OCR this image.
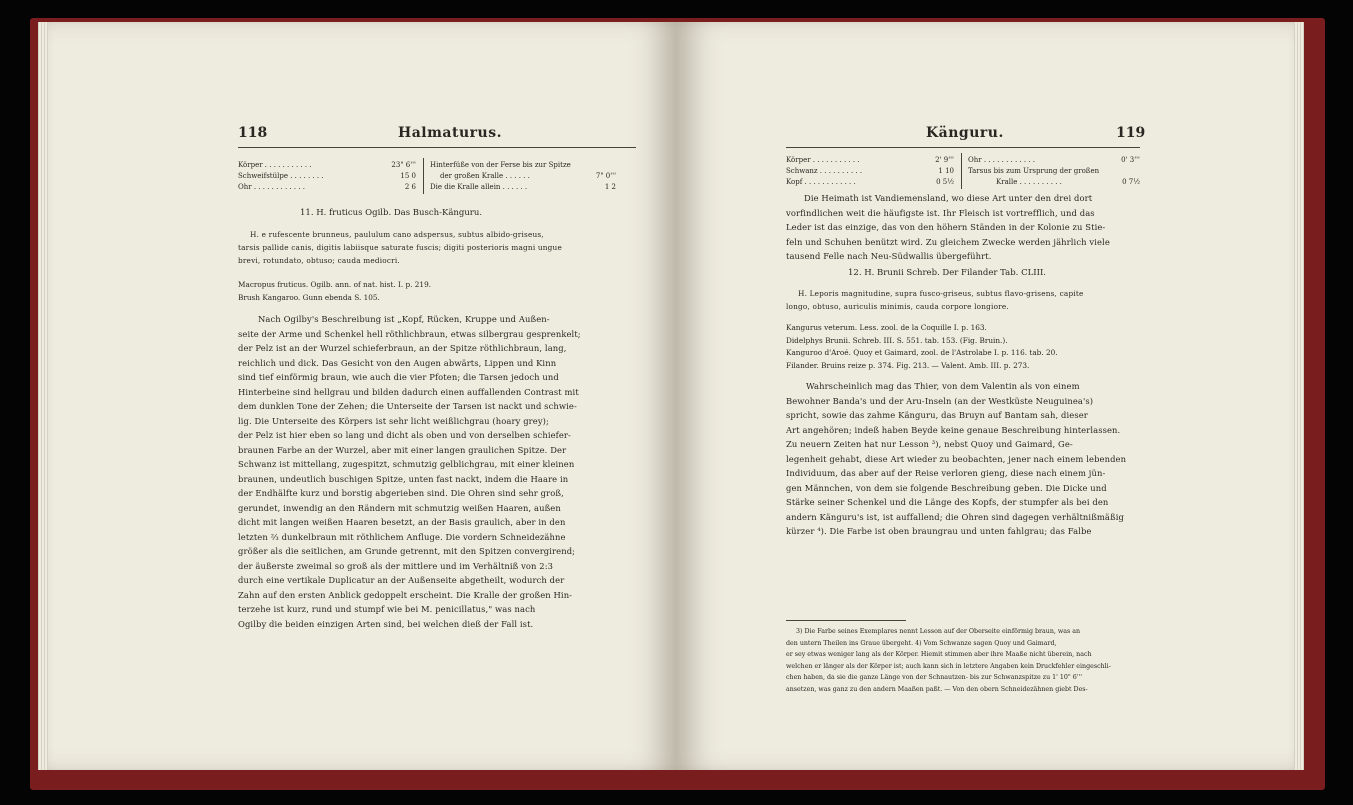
118	Halmaturus.
Körper . . . . . . . . . . .	23" 6'''
Schweifstülpe . . . . . . . .	15 0
Ohr . . . . . . . . . . . .	2 6
Hinterfüße von der Ferse bis zur Spitze
der großen Kralle . . . . . .	7" 0'''
Die die Kralle allein . . . . . .	1 2
11. H. fruticus Ogilb. Das Busch-Känguru.
H. e rufescente brunneus, paululum cano adspersus, subtus albido-griseus,
tarsis pallide canis, digitis labiisque saturate fuscis; digiti posterioris magni ungue
brevi, rotundato, obtuso; cauda mediocri.
Macropus fruticus. Ogilb. ann. of nat. hist. I. p. 219.
Brush Kangaroo. Gunn ebenda S. 105.
Nach Ogilby's Beschreibung ist „Kopf, Rücken, Kruppe und Außen-
seite der Arme und Schenkel hell röthlichbraun, etwas silbergrau gesprenkelt;
der Pelz ist an der Wurzel schieferbraun, an der Spitze röthlichbraun, lang,
reichlich und dick. Das Gesicht von den Augen abwärts, Lippen und Kinn
sind tief einförmig braun, wie auch die vier Pfoten; die Tarsen jedoch und
Hinterbeine sind hellgrau und bilden dadurch einen auffallenden Contrast mit
dem dunklen Tone der Zehen; die Unterseite der Tarsen ist nackt und schwie-
lig. Die Unterseite des Körpers ist sehr licht weißlichgrau (hoary grey);
der Pelz ist hier eben so lang und dicht als oben und von derselben schiefer-
braunen Farbe an der Wurzel, aber mit einer langen graulichen Spitze. Der
Schwanz ist mittellang, zugespitzt, schmutzig gelblichgrau, mit einer kleinen
braunen, undeutlich buschigen Spitze, unten fast nackt, indem die Haare in
der Endhälfte kurz und borstig abgerieben sind. Die Ohren sind sehr groß,
gerundet, inwendig an den Rändern mit schmutzig weißen Haaren, außen
dicht mit langen weißen Haaren besetzt, an der Basis graulich, aber in den
letzten ⅔ dunkelbraun mit röthlichem Anfluge. Die vordern Schneidezähne
größer als die seitlichen, am Grunde getrennt, mit den Spitzen convergirend;
der äußerste zweimal so groß als der mittlere und im Verhältniß von 2:3
durch eine vertikale Duplicatur an der Außenseite abgetheilt, wodurch der
Zahn auf den ersten Anblick gedoppelt erscheint. Die Kralle der großen Hin-
terzehe ist kurz, rund und stumpf wie bei M. penicillatus," was nach
Ogilby die beiden einzigen Arten sind, bei welchen dieß der Fall ist.
Känguru.	119
Körper . . . . . . . . . . .	2' 9'''
Schwanz . . . . . . . . . .	1 10
Kopf . . . . . . . . . . . .	0 5½
Ohr . . . . . . . . . . . .	0' 3'''
Tarsus bis zum Ursprung der großen
Kralle . . . . . . . . . .	0 7½
Die Heimath ist Vandiemensland, wo diese Art unter den drei dort
vorfindlichen weit die häufigste ist. Ihr Fleisch ist vortrefflich, und das
Leder ist das einzige, das von den höhern Ständen in der Kolonie zu Stie-
feln und Schuhen benützt wird. Zu gleichem Zwecke werden jährlich viele
tausend Felle nach Neu-Südwallis übergeführt.
12. H. Brunii Schreb. Der Filander Tab. CLIII.
H. Leporis magnitudine, supra fusco-griseus, subtus flavo-grisens, capite
longo, obtuso, auriculis minimis, cauda corpore longiore.
Kangurus veterum. Less. zool. de la Coquille I. p. 163.
Didelphys Brunii. Schreb. III. S. 551. tab. 153. (Fig. Bruin.).
Kanguroo d'Aroé. Quoy et Gaimard, zool. de l'Astrolabe I. p. 116. tab. 20.
Filander. Bruins reize p. 374. Fig. 213. — Valent. Amb. III. p. 273.
Wahrscheinlich mag das Thier, von dem Valentin als von einem
Bewohner Banda's und der Aru-Inseln (an der Westküste Neuguinea's)
spricht, sowie das zahme Känguru, das Bruyn auf Bantam sah, dieser
Art angehören; indeß haben Beyde keine genaue Beschreibung hinterlassen.
Zu neuern Zeiten hat nur Lesson ³), nebst Quoy und Gaimard, Ge-
legenheit gehabt, diese Art wieder zu beobachten, jener nach einem lebenden
Individuum, das aber auf der Reise verloren gieng, diese nach einem jün-
gen Männchen, von dem sie folgende Beschreibung geben. Die Dicke und
Stärke seiner Schenkel und die Länge des Kopfs, der stumpfer als bei den
andern Känguru's ist, ist auffallend; die Ohren sind dagegen verhältnißmäßig
kürzer ⁴). Die Farbe ist oben braungrau und unten fahlgrau; das Falbe
3) Die Farbe seines Exemplares nennt Lesson auf der Oberseite einförmig braun, was an
den untern Theilen ins Graue übergeht. 4) Vom Schwanze sagen Quoy und Gaimard,
er sey etwas weniger lang als der Körper. Hiemit stimmen aber ihre Maaße nicht überein, nach
welchen er länger als der Körper ist; auch kann sich in letztere Angaben kein Druckfehler eingeschli-
chen haben, da sie die ganze Länge von der Schnautzen- bis zur Schwanzspitze zu 1' 10" 6'''
ansetzen, was ganz zu den andern Maaßen paßt. — Von den obern Schneidezähnen giebt Des-
